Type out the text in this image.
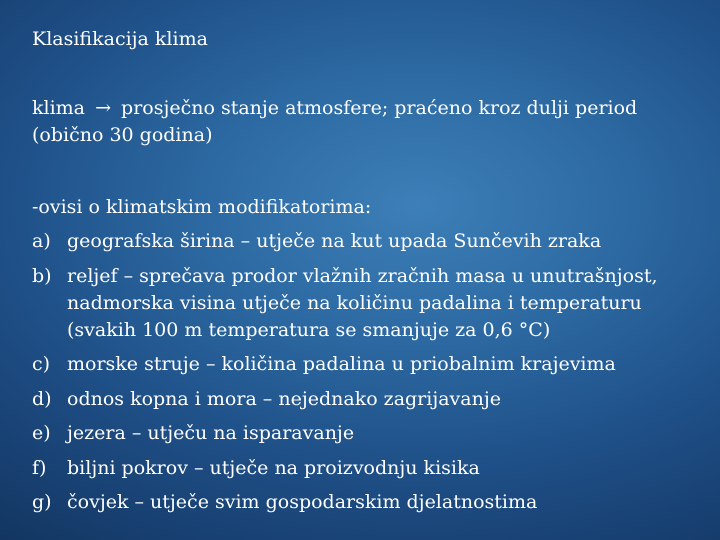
Klasifikacija klima
klima → prosječno stanje atmosfere; praćeno kroz dulji period (obično 30 godina)
-ovisi o klimatskim modifikatorima:
a) geografska širina – utječe na kut upada Sunčevih zraka
b) reljef – sprečava prodor vlažnih zračnih masa u unutrašnjost, nadmorska visina utječe na količinu padalina i temperaturu (svakih 100 m temperatura se smanjuje za 0,6 °C)
c) morske struje – količina padalina u priobalnim krajevima
d) odnos kopna i mora – nejednako zagrijavanje
e) jezera – utječu na isparavanje
f)	biljni pokrov – utječe na proizvodnju kisika
g) čovjek – utječe svim gospodarskim djelatnostima
